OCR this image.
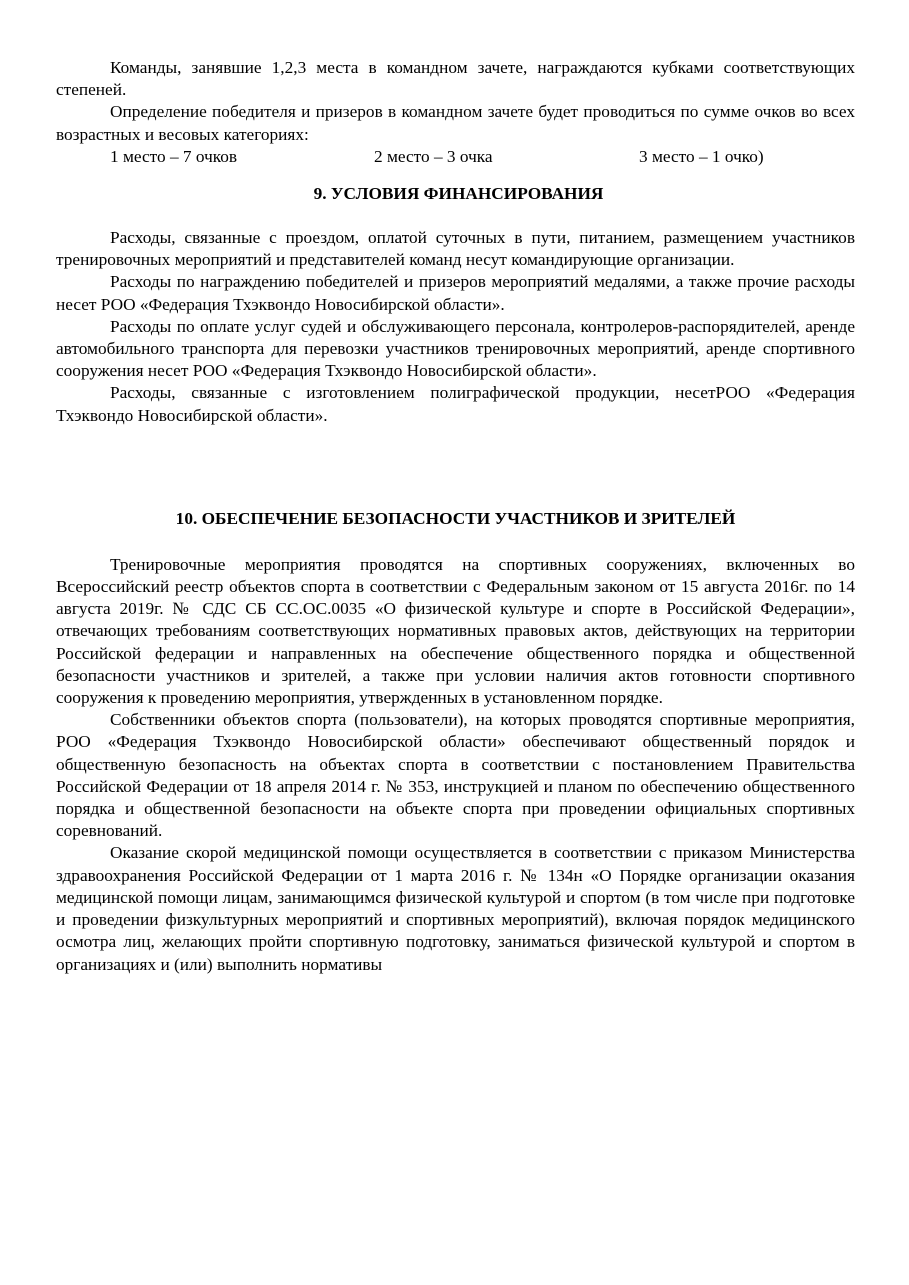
Команды, занявшие 1,2,3 места в командном зачете, награждаются кубками соответствующих степеней.

Определение победителя и призеров в командном зачете будет проводиться по сумме очков во всех возрастных и весовых категориях:

1 место – 7 очков	2 место – 3 очка	3 место – 1 очко)
9. УСЛОВИЯ ФИНАНСИРОВАНИЯ

Расходы, связанные с проездом, оплатой суточных в пути, питанием, размещением участников тренировочных мероприятий и представителей команд несут командирующие организации.

Расходы по награждению победителей и призеров мероприятий медалями, а также прочие расходы несет РОО «Федерация Тхэквондо Новосибирской области».

Расходы по оплате услуг судей и обслуживающего персонала, контролеров-распорядителей, аренде автомобильного транспорта для перевозки участников тренировочных мероприятий, аренде спортивного сооружения несет РОО «Федерация Тхэквондо Новосибирской области».

Расходы, связанные с изготовлением полиграфической продукции, несетРОО «Федерация Тхэквондо Новосибирской области».

10. ОБЕСПЕЧЕНИЕ БЕЗОПАСНОСТИ УЧАСТНИКОВ И ЗРИТЕЛЕЙ

Тренировочные мероприятия проводятся на спортивных сооружениях, включенных во Всероссийский реестр объектов спорта в соответствии с Федеральным законом от 15 августа 2016г. по 14 августа 2019г. № СДС СБ СС.ОС.0035 «О физической культуре и спорте в Российской Федерации», отвечающих требованиям соответствующих нормативных правовых актов, действующих на территории Российской федерации и направленных на обеспечение общественного порядка и общественной безопасности участников и зрителей, а также при условии наличия актов готовности спортивного сооружения к проведению мероприятия, утвержденных в установленном порядке.

Собственники объектов спорта (пользователи), на которых проводятся спортивные мероприятия, РОО «Федерация Тхэквондо Новосибирской области» обеспечивают общественный порядок и общественную безопасность на объектах спорта в соответствии с постановлением Правительства Российской Федерации от 18 апреля 2014 г. № 353, инструкцией и планом по обеспечению общественного порядка и общественной безопасности на объекте спорта при проведении официальных спортивных соревнований.

Оказание скорой медицинской помощи осуществляется в соответствии с приказом Министерства здравоохранения Российской Федерации от 1 марта 2016 г. № 134н «О Порядке организации оказания медицинской помощи лицам, занимающимся физической культурой и спортом (в том числе при подготовке и проведении физкультурных мероприятий и спортивных мероприятий), включая порядок медицинского осмотра лиц, желающих пройти спортивную подготовку, заниматься физической культурой и спортом в организациях и (или) выполнить нормативы
